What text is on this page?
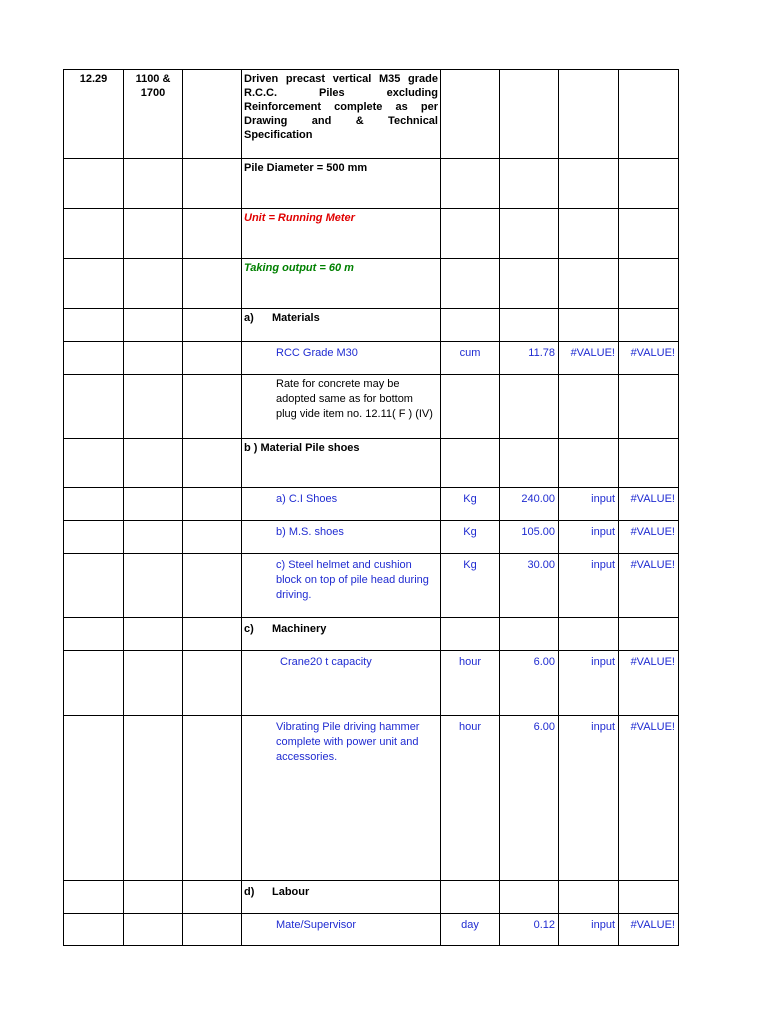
12.29	1100 & 1700		Driven precast vertical M35 grade R.C.C. Piles excluding Reinforcement complete as per Drawing and & Technical Specification				
			Pile Diameter = 500 mm				
			Unit = Running Meter				
			Taking output = 60 m				
			a) Materials				
			RCC Grade M30	cum	11.78	#VALUE!	#VALUE!
			Rate for concrete may be adopted same as for bottom plug vide item no. 12.11( F ) (IV)				
			b ) Material Pile shoes				
			a) C.I Shoes	Kg	240.00	input	#VALUE!
			b) M.S. shoes	Kg	105.00	input	#VALUE!
			c) Steel helmet and cushion block on top of pile head during driving.	Kg	30.00	input	#VALUE!
			c) Machinery				
			Crane20 t capacity	hour	6.00	input	#VALUE!
			Vibrating Pile driving hammer complete with power unit and accessories.	hour	6.00	input	#VALUE!
			d) Labour				
			Mate/Supervisor	day	0.12	input	#VALUE!
